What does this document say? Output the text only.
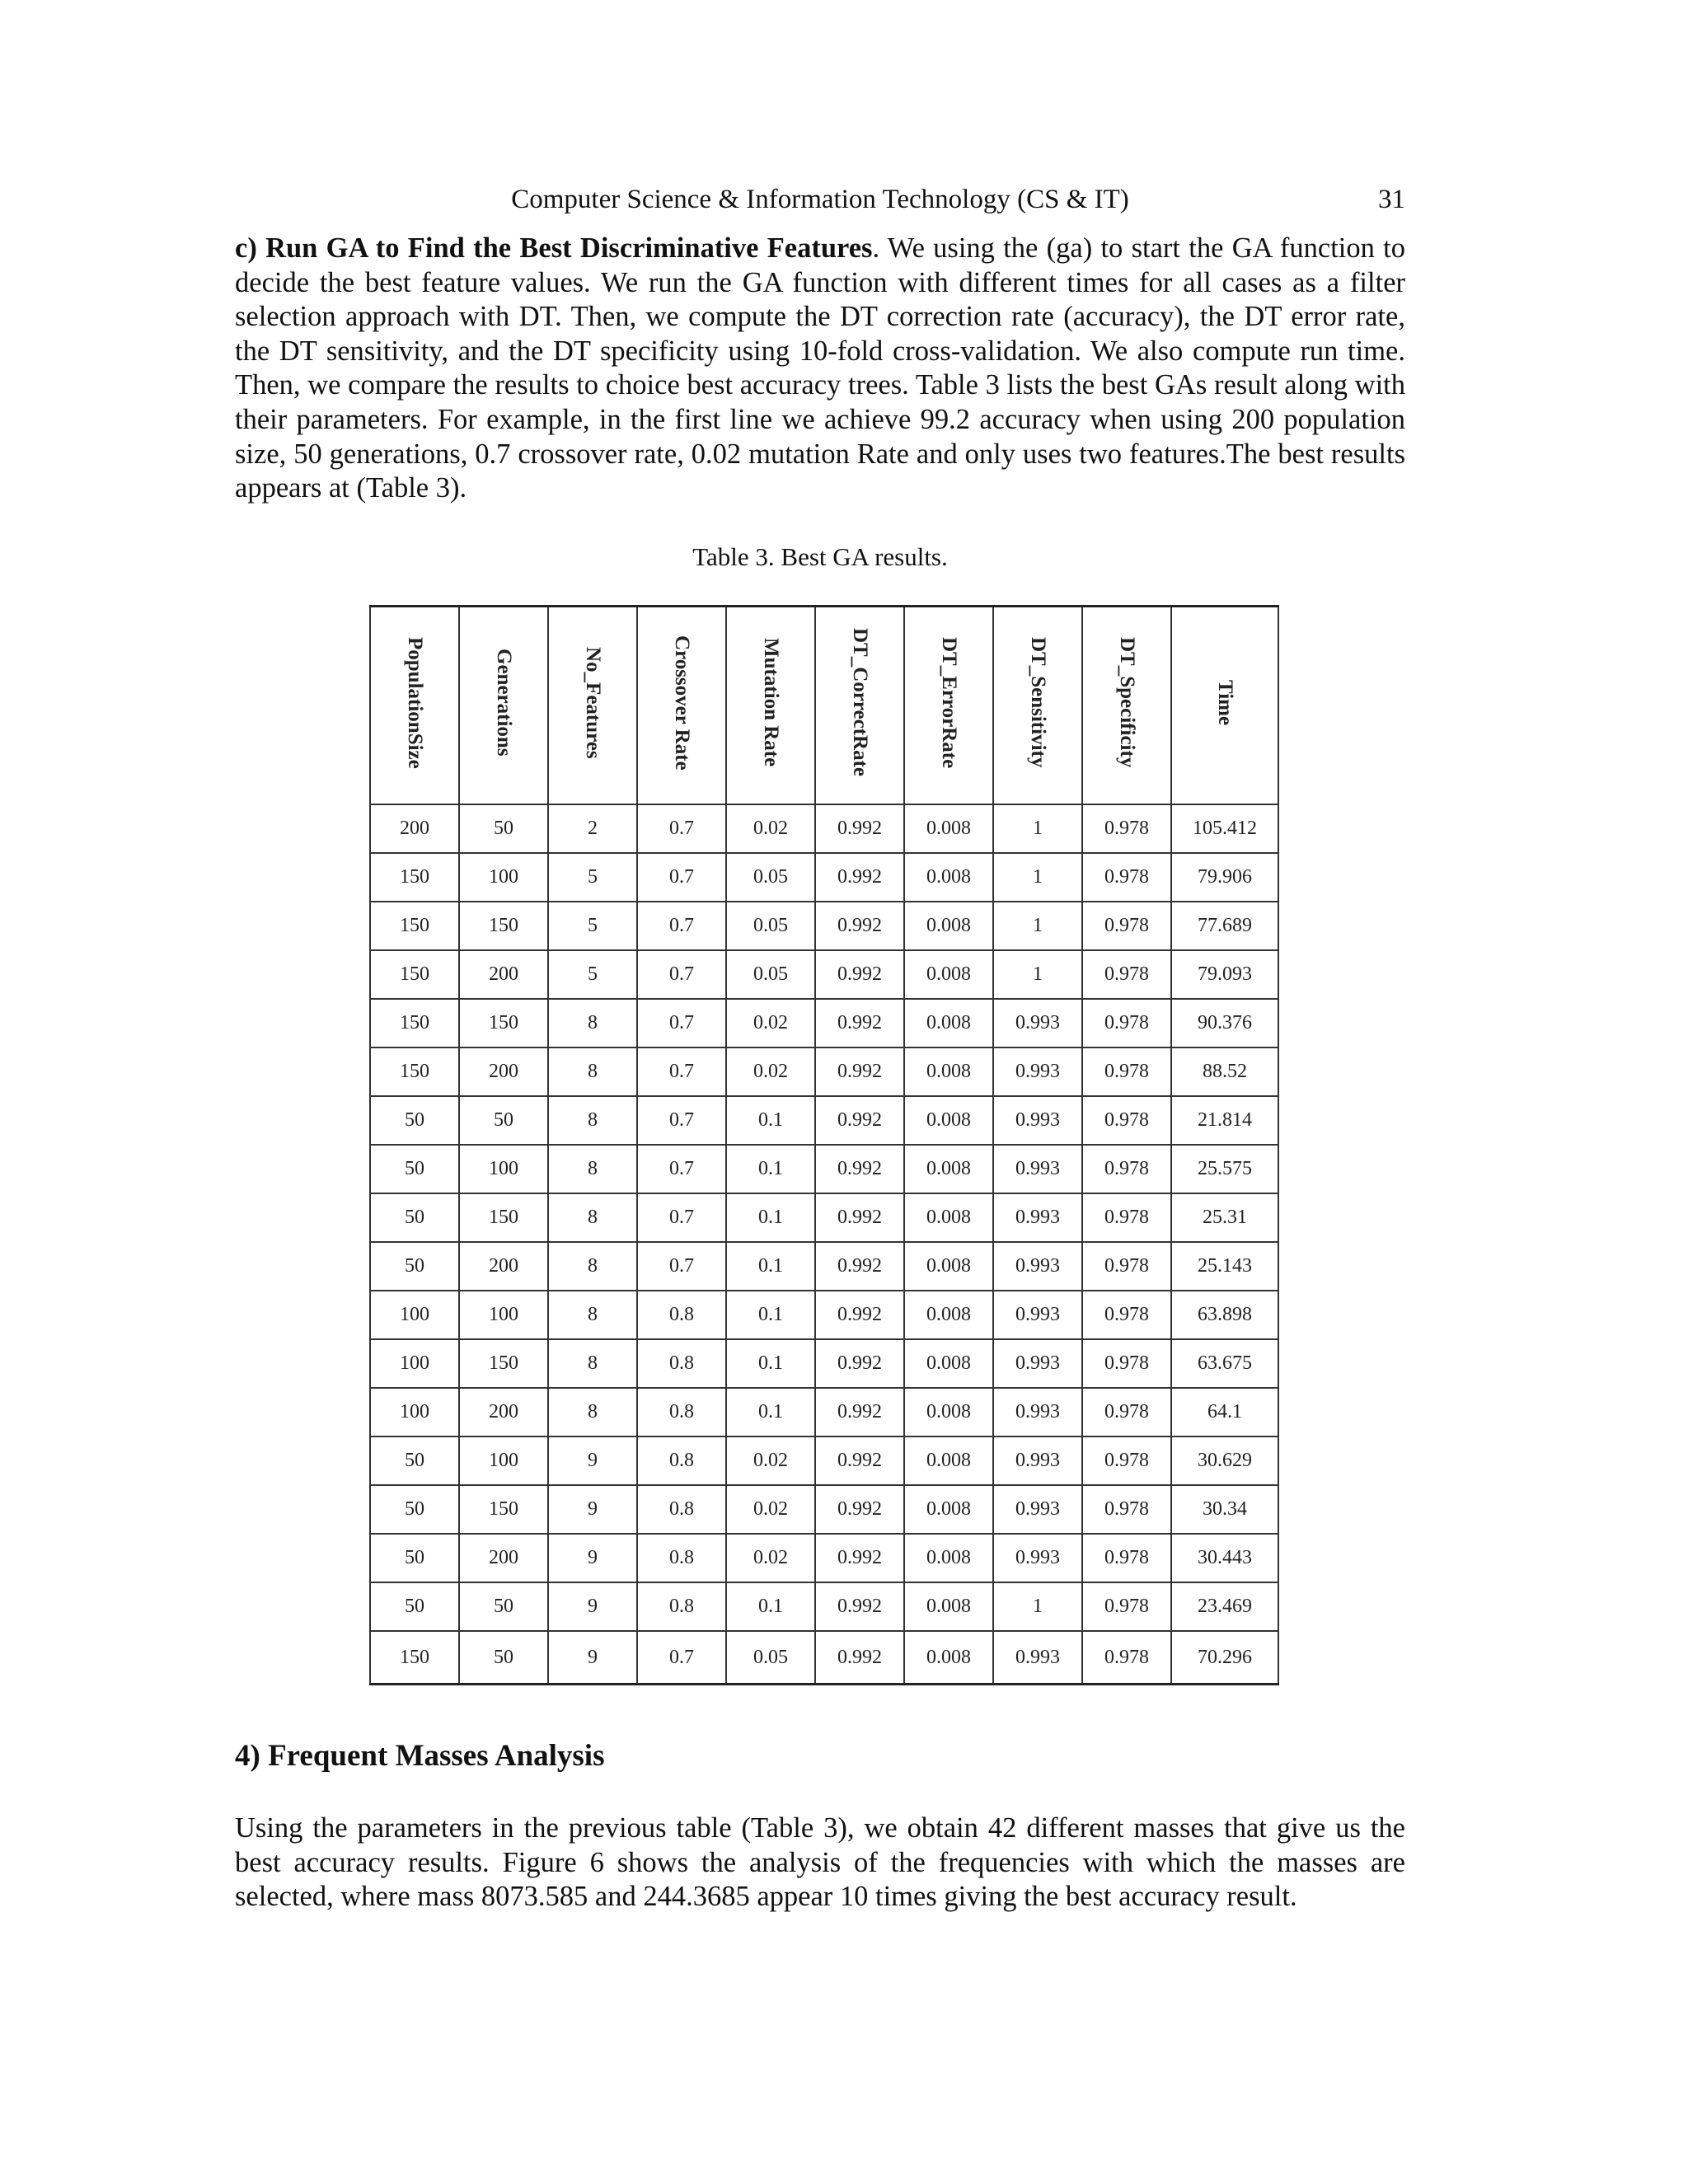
Computer Science & Information Technology (CS & IT)	31

c) Run GA to Find the Best Discriminative Features. We using the (ga) to start the GA function to decide the best feature values. We run the GA function with different times for all cases as a filter selection approach with DT. Then, we compute the DT correction rate (accuracy), the DT error rate, the DT sensitivity, and the DT specificity using 10-fold cross-validation. We also compute run time. Then, we compare the results to choice best accuracy trees. Table 3 lists the best GAs result along with their parameters. For example, in the first line we achieve 99.2 accuracy when using 200 population size, 50 generations, 0.7 crossover rate, 0.02 mutation Rate and only uses two features.The best results appears at (Table 3).

Table 3. Best GA results.
PopulationSize	Generations	No_Features	Crossover Rate	Mutation Rate	DT_CorrectRate	DT_ErrorRate	DT_Sensitivity	DT_Specificity	Time
200	50	2	0.7	0.02	0.992	0.008	1	0.978	105.412
150	100	5	0.7	0.05	0.992	0.008	1	0.978	79.906
150	150	5	0.7	0.05	0.992	0.008	1	0.978	77.689
150	200	5	0.7	0.05	0.992	0.008	1	0.978	79.093
150	150	8	0.7	0.02	0.992	0.008	0.993	0.978	90.376
150	200	8	0.7	0.02	0.992	0.008	0.993	0.978	88.52
50	50	8	0.7	0.1	0.992	0.008	0.993	0.978	21.814
50	100	8	0.7	0.1	0.992	0.008	0.993	0.978	25.575
50	150	8	0.7	0.1	0.992	0.008	0.993	0.978	25.31
50	200	8	0.7	0.1	0.992	0.008	0.993	0.978	25.143
100	100	8	0.8	0.1	0.992	0.008	0.993	0.978	63.898
100	150	8	0.8	0.1	0.992	0.008	0.993	0.978	63.675
100	200	8	0.8	0.1	0.992	0.008	0.993	0.978	64.1
50	100	9	0.8	0.02	0.992	0.008	0.993	0.978	30.629
50	150	9	0.8	0.02	0.992	0.008	0.993	0.978	30.34
50	200	9	0.8	0.02	0.992	0.008	0.993	0.978	30.443
50	50	9	0.8	0.1	0.992	0.008	1	0.978	23.469
150	50	9	0.7	0.05	0.992	0.008	0.993	0.978	70.296
4) Frequent Masses Analysis

Using the parameters in the previous table (Table 3), we obtain 42 different masses that give us the best accuracy results. Figure 6 shows the analysis of the frequencies with which the masses are selected, where mass 8073.585 and 244.3685 appear 10 times giving the best accuracy result.
